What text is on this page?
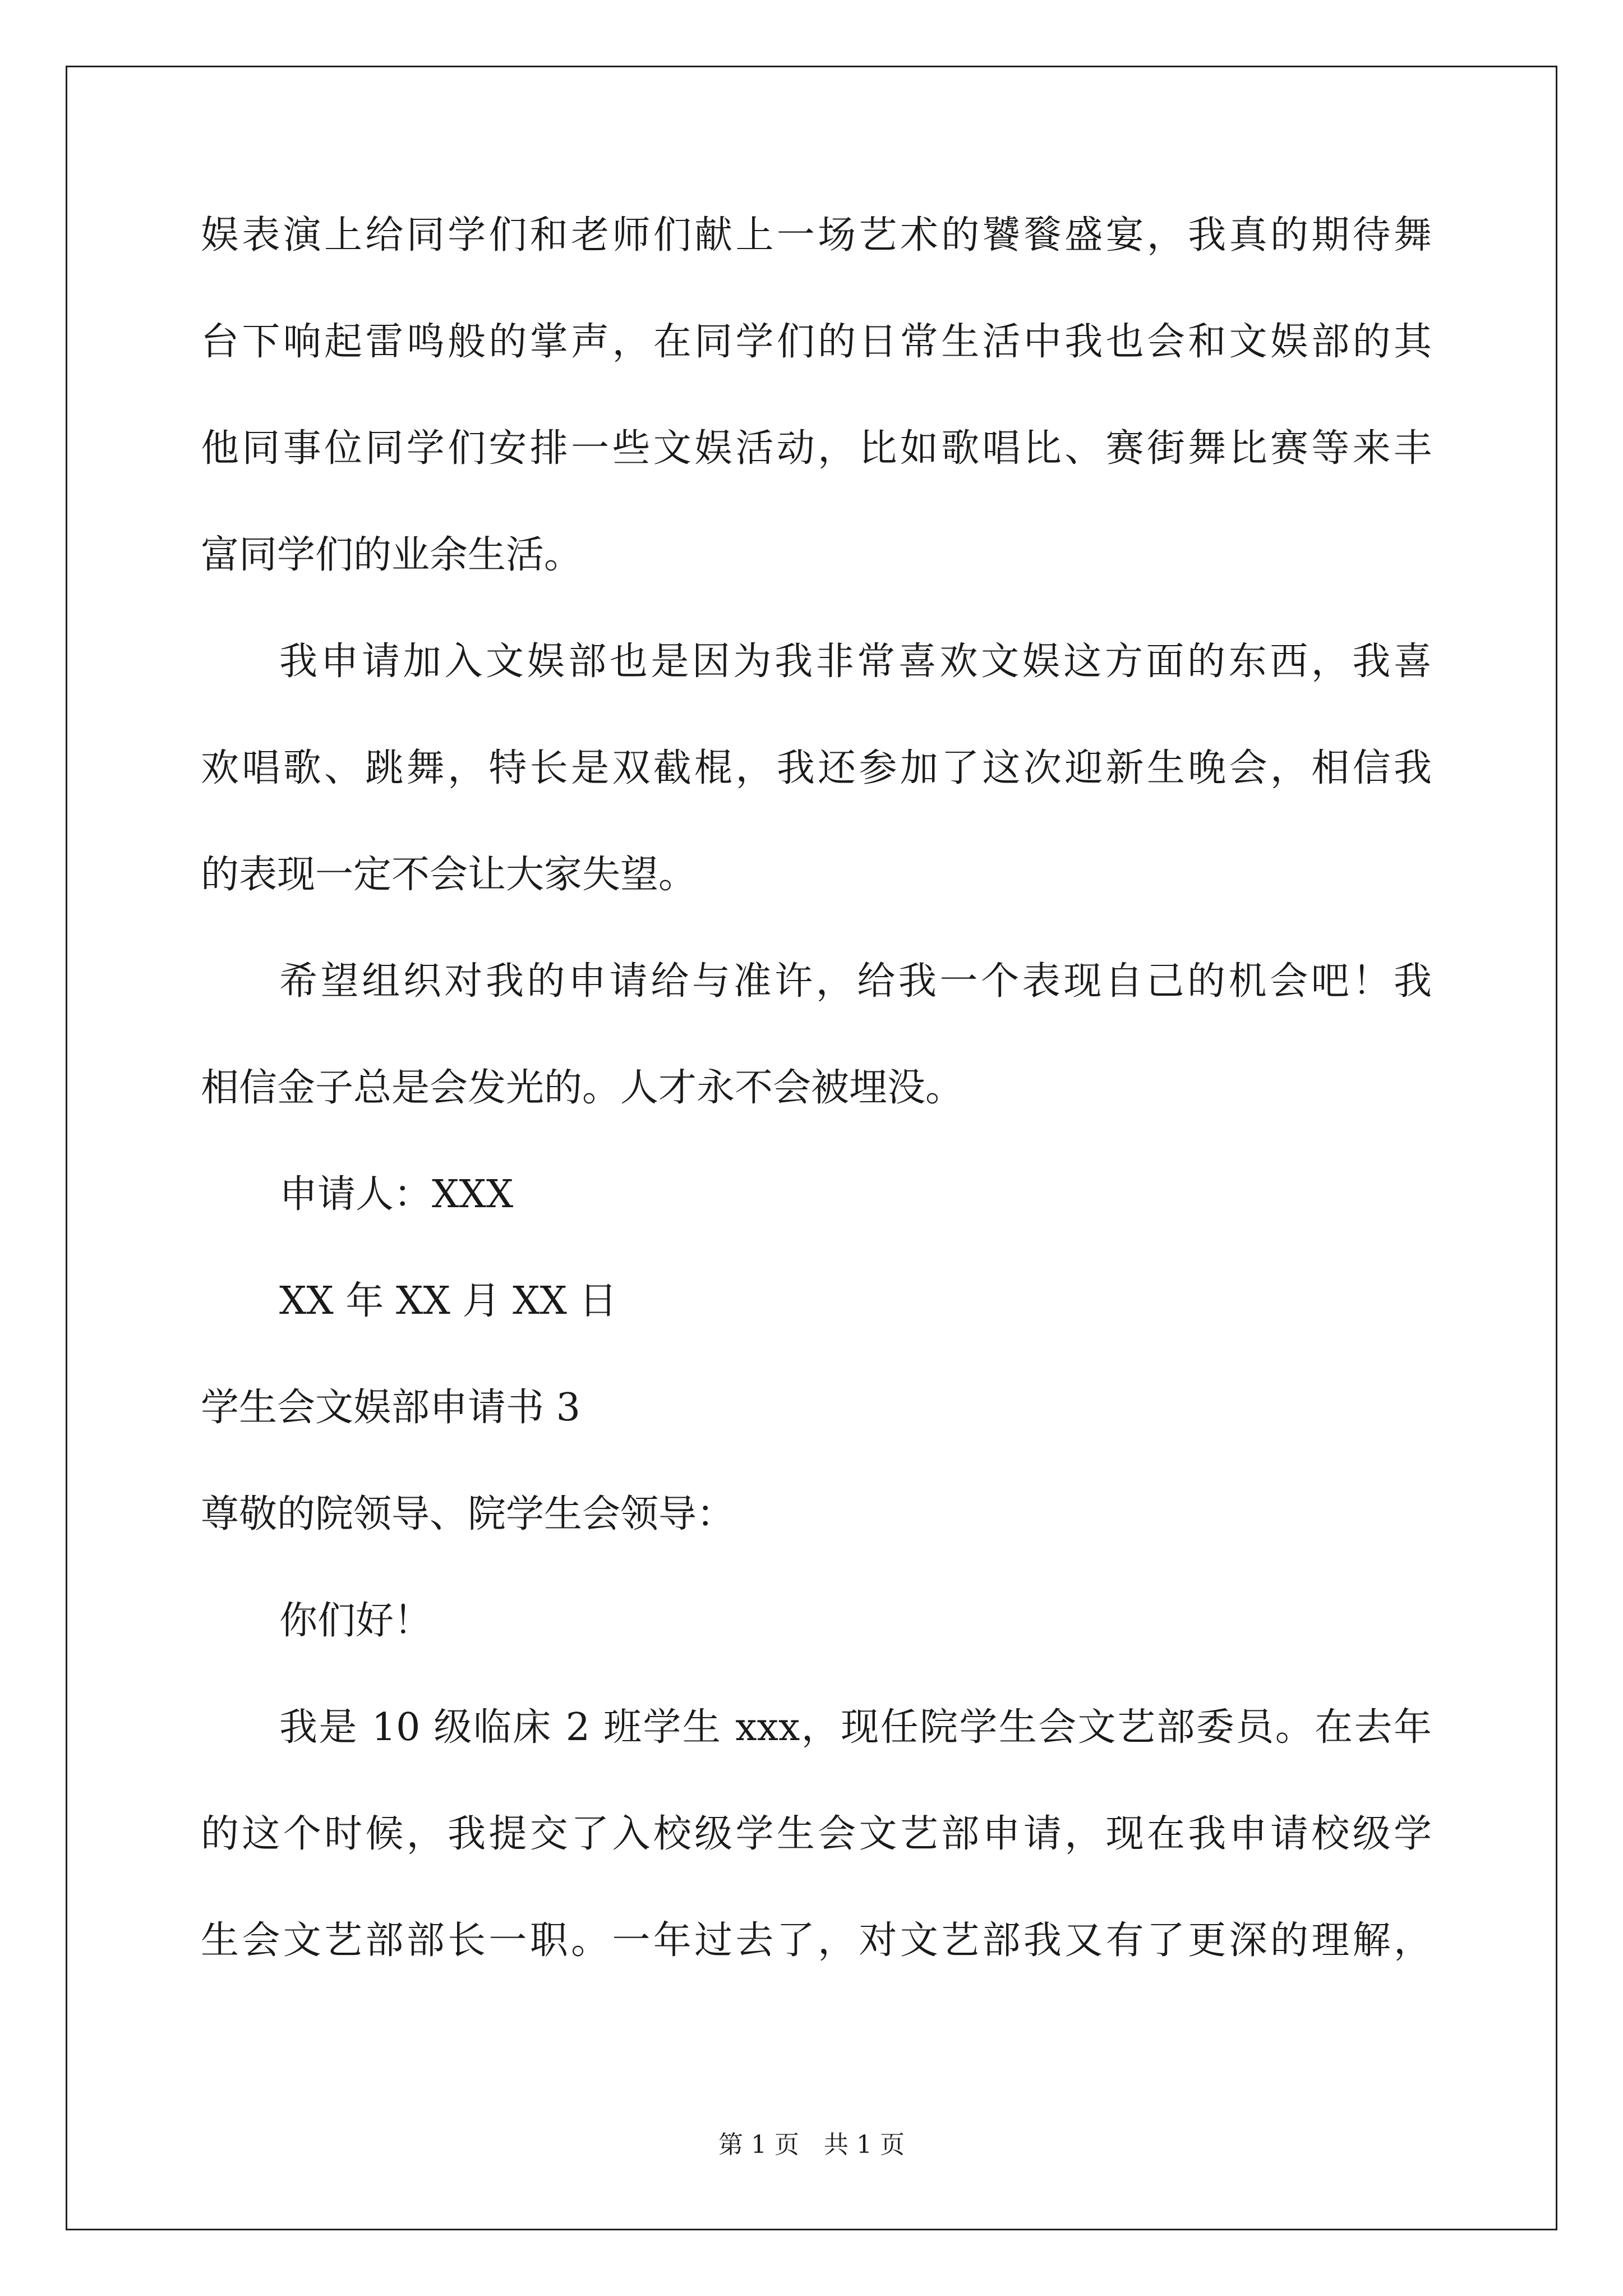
娱表演上给同学们和老师们献上一场艺术的饕餮盛宴，我真的期待舞
台下响起雷鸣般的掌声，在同学们的日常生活中我也会和文娱部的其
他同事位同学们安排一些文娱活动，比如歌唱比、赛街舞比赛等来丰
富同学们的业余生活。
我申请加入文娱部也是因为我非常喜欢文娱这方面的东西，我喜
欢唱歌、跳舞，特长是双截棍，我还参加了这次迎新生晚会，相信我
的表现一定不会让大家失望。
希望组织对我的申请给与准许，给我一个表现自己的机会吧！我
相信金子总是会发光的。人才永不会被埋没。
申请人：XXX
XX 年 XX 月 XX 日
学生会文娱部申请书 3
尊敬的院领导、院学生会领导：
你们好！
我是 10 级临床 2 班学生 xxx，现任院学生会文艺部委员。在去年
的这个时候，我提交了入校级学生会文艺部申请，现在我申请校级学
生会文艺部部长一职。一年过去了，对文艺部我又有了更深的理解，
第 1 页　共 1 页
